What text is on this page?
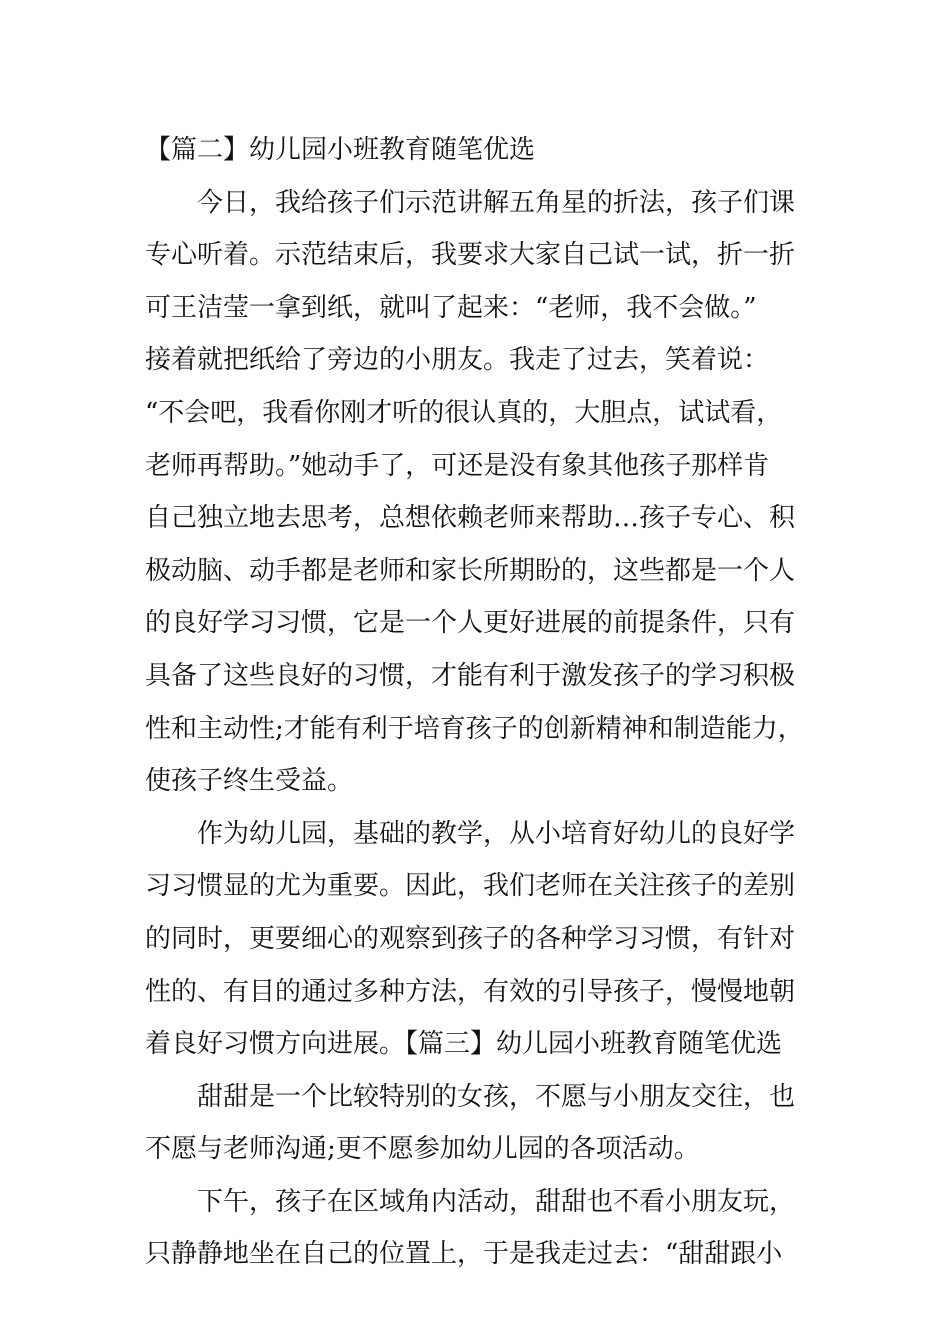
【篇二】幼儿园小班教育随笔优选
今日，我给孩子们示范讲解五角星的折法，孩子们课
专心听着。示范结束后，我要求大家自己试一试，折一折
可王洁莹一拿到纸，就叫了起来：“老师，我不会做。”
接着就把纸给了旁边的小朋友。我走了过去，笑着说：
“不会吧，我看你刚才听的很认真的，大胆点，试试看，
老师再帮助。”她动手了，可还是没有象其他孩子那样肯
自己独立地去思考，总想依赖老师来帮助…孩子专心、积
极动脑、动手都是老师和家长所期盼的，这些都是一个人
的良好学习习惯，它是一个人更好进展的前提条件，只有
具备了这些良好的习惯，才能有利于激发孩子的学习积极
性和主动性;才能有利于培育孩子的创新精神和制造能力，
使孩子终生受益。
作为幼儿园，基础的教学，从小培育好幼儿的良好学
习习惯显的尤为重要。因此，我们老师在关注孩子的差别
的同时，更要细心的观察到孩子的各种学习习惯，有针对
性的、有目的通过多种方法，有效的引导孩子，慢慢地朝
着良好习惯方向进展。【篇三】幼儿园小班教育随笔优选
甜甜是一个比较特别的女孩，不愿与小朋友交往，也
不愿与老师沟通;更不愿参加幼儿园的各项活动。
下午，孩子在区域角内活动，甜甜也不看小朋友玩，
只静静地坐在自己的位置上，于是我走过去：“甜甜跟小
